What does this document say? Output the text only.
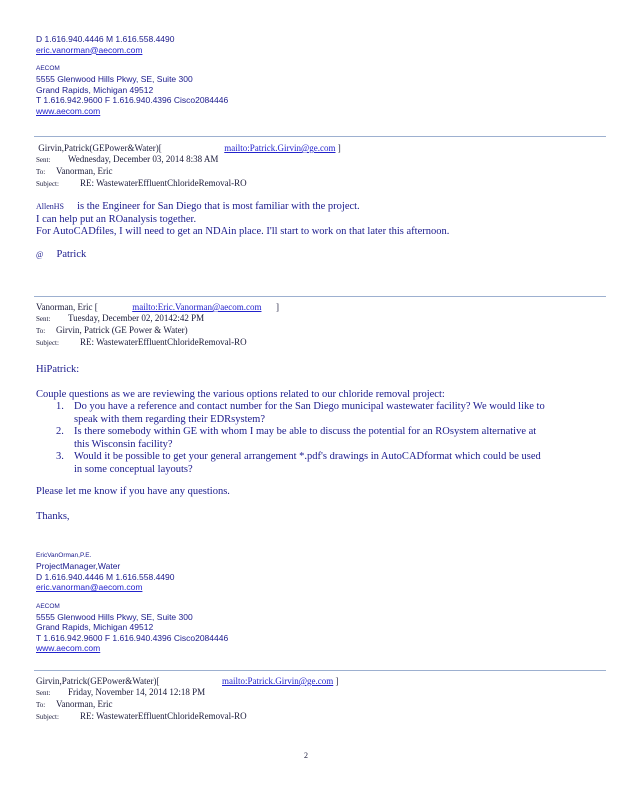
D 1.616.940.4446 M 1.616.558.4490
eric.vanorman@aecom.com
AECOM
5555 Glenwood Hills Pkwy, SE, Suite 300
Grand Rapids, Michigan 49512
T 1.616.942.9600 F 1.616.940.4396 Cisco2084446
www.aecom.com
Girvin,Patrick(GEPower&Water)[	mailto:Patrick.Girvin@ge.com ]
Sent: Wednesday, December 03, 2014 8:38 AM
To: Vanorman, Eric
Subject: RE: WastewaterEffluentChlorideRemoval-RO
AllenHS is the Engineer for San Diego that is most familiar with the project.
I can help put an ROanalysis together.
For AutoCADfiles, I will need to get an NDAin place. I'll start to work on that later this afternoon.
@ Patrick
Vanorman, Eric [	mailto:Eric.Vanorman@aecom.com ]
Sent: Tuesday, December 02, 20142:42 PM
To: Girvin, Patrick (GE Power & Water)
Subject: RE: WastewaterEffluentChlorideRemoval-RO
HiPatrick:
Couple questions as we are reviewing the various options related to our chloride removal project:
1. Do you have a reference and contact number for the San Diego municipal wastewater facility? We would like to
speak with them regarding their EDRsystem?
2. Is there somebody within GE with whom I may be able to discuss the potential for an ROsystem alternative at
this Wisconsin facility?
3. Would it be possible to get your general arrangement *.pdf's drawings in AutoCADformat which could be used
in some conceptual layouts?
Please let me know if you have any questions.
Thanks,
EricVanOrman,P.E.
ProjectManager,Water
D 1.616.940.4446 M 1.616.558.4490
eric.vanorman@aecom.com
AECOM
5555 Glenwood Hills Pkwy, SE, Suite 300
Grand Rapids, Michigan 49512
T 1.616.942.9600 F 1.616.940.4396 Cisco2084446
www.aecom.com
Girvin,Patrick(GEPower&Water)[	mailto:Patrick.Girvin@ge.com ]
Sent: Friday, November 14, 2014 12:18 PM
To: Vanorman, Eric
Subject: RE: WastewaterEffluentChlorideRemoval-RO
2
